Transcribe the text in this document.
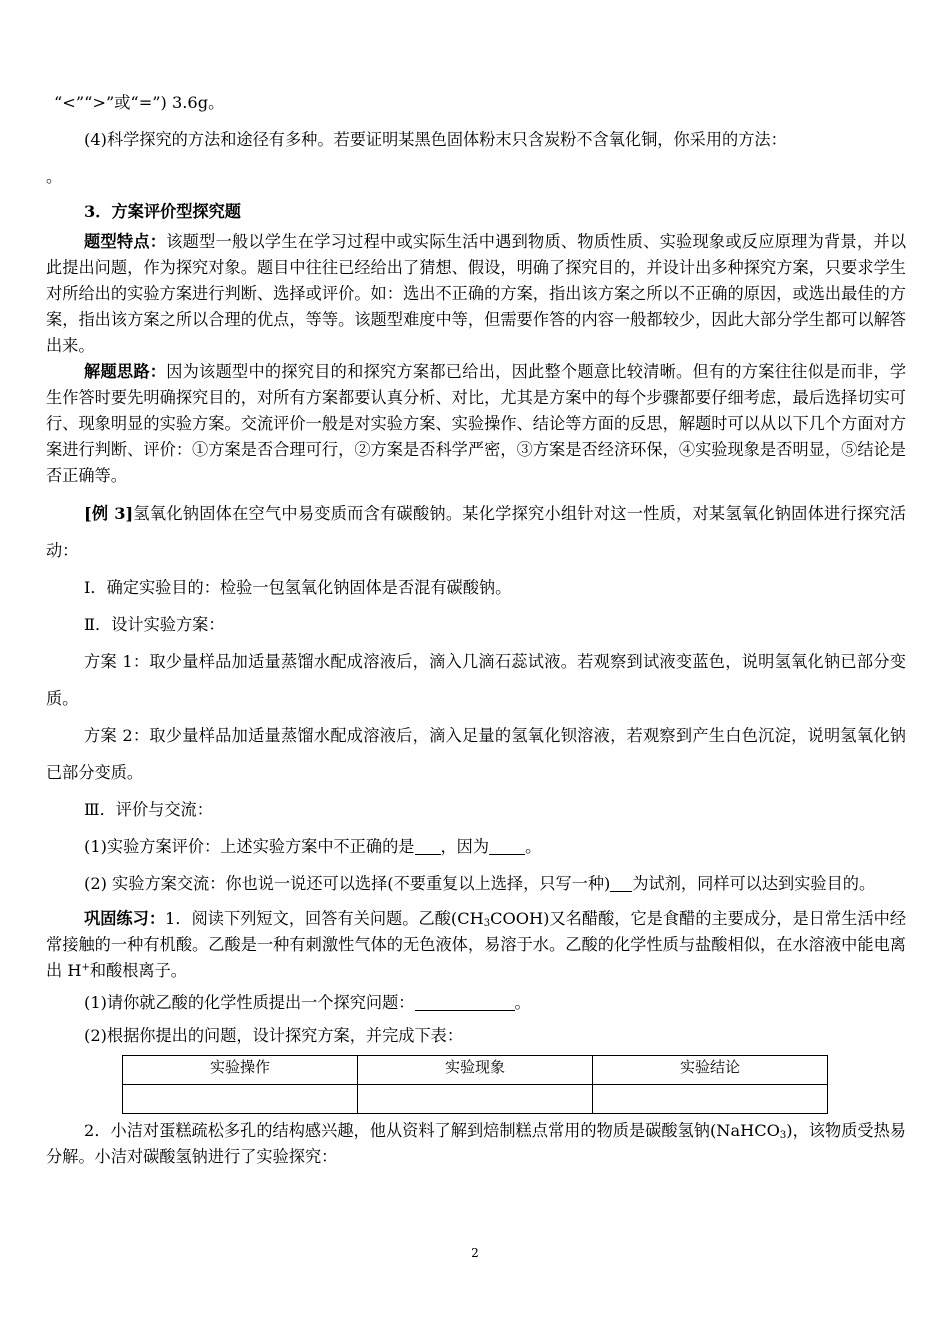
“<”“>”或“=”) 3.6g。

(4)科学探究的方法和途径有多种。若要证明某黑色固体粉末只含炭粉不含氧化铜，你采用的方法：

。

3．方案评价型探究题

题型特点：该题型一般以学生在学习过程中或实际生活中遇到物质、物质性质、实验现象或反应原理为背景，并以此提出问题，作为探究对象。题目中往往已经给出了猜想、假设，明确了探究目的，并设计出多种探究方案，只要求学生对所给出的实验方案进行判断、选择或评价。如：选出不正确的方案，指出该方案之所以不正确的原因，或选出最佳的方案，指出该方案之所以合理的优点，等等。该题型难度中等，但需要作答的内容一般都较少，因此大部分学生都可以解答出来。

解题思路：因为该题型中的探究目的和探究方案都已给出，因此整个题意比较清晰。但有的方案往往似是而非，学生作答时要先明确探究目的，对所有方案都要认真分析、对比，尤其是方案中的每个步骤都要仔细考虑，最后选择切实可行、现象明显的实验方案。交流评价一般是对实验方案、实验操作、结论等方面的反思，解题时可以从以下几个方面对方案进行判断、评价：①方案是否合理可行，②方案是否科学严密，③方案是否经济环保，④实验现象是否明显，⑤结论是否正确等。

[例 3]氢氧化钠固体在空气中易变质而含有碳酸钠。某化学探究小组针对这一性质，对某氢氧化钠固体进行探究活动：

Ⅰ．确定实验目的：检验一包氢氧化钠固体是否混有碳酸钠。

Ⅱ．设计实验方案：

方案 1：取少量样品加适量蒸馏水配成溶液后，滴入几滴石蕊试液。若观察到试液变蓝色，说明氢氧化钠已部分变质。

方案 2：取少量样品加适量蒸馏水配成溶液后，滴入足量的氢氧化钡溶液，若观察到产生白色沉淀，说明氢氧化钠已部分变质。

Ⅲ．评价与交流：

(1)实验方案评价：上述实验方案中不正确的是 ，因为 。

(2) 实验方案交流：你也说一说还可以选择(不要重复以上选择，只写一种) 为试剂，同样可以达到实验目的。

巩固练习：1．阅读下列短文，回答有关问题。乙酸$(CH_3COOH)$又名醋酸，它是食醋的主要成分，是日常生活中经常接触的一种有机酸。乙酸是一种有刺激性气体的无色液体，易溶于水。乙酸的化学性质与盐酸相似，在水溶液中能电离出 H+和酸根离子。

(1)请你就乙酸的化学性质提出一个探究问题：	。

(2)根据你提出的问题，设计探究方案，并完成下表：

实验操作	实验现象	实验结论

2．小洁对蛋糕疏松多孔的结构感兴趣，他从资料了解到焙制糕点常用的物质是碳酸氢钠(NaHCO$_3$)，该物质受热易分解。小洁对碳酸氢钠进行了实验探究：

2
